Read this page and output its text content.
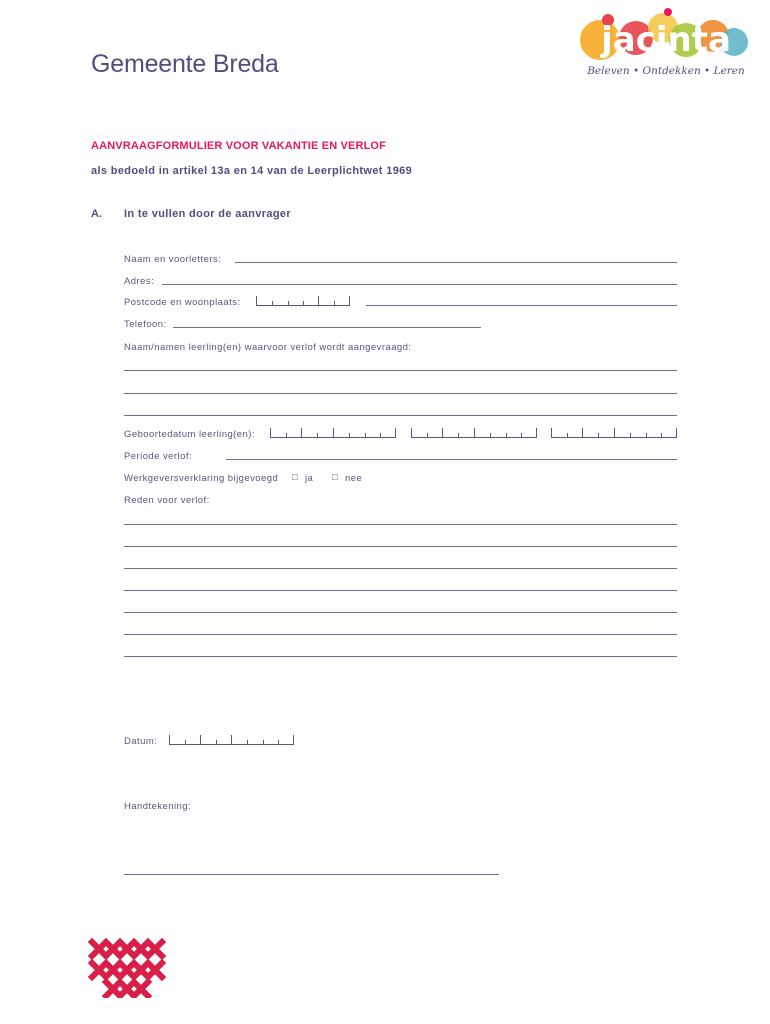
Gemeente Breda
jacinta
Beleven • Ontdekken • Leren
AANVRAAGFORMULIER VOOR VAKANTIE EN VERLOF
als bedoeld in artikel 13a en 14 van de Leerplichtwet 1969
A. In te vullen door de aanvrager
Naam en voorletters:
Adres:
Postcode en woonplaats:
Telefoon:
Naam/namen leerling(en) waarvoor verlof wordt aangevraagd:
Geboortedatum leerling(en):
Periode verlof:
Werkgeversverklaring bijgevoegd □ ja □ nee
Reden voor verlof:
Datum:
Handtekening:
